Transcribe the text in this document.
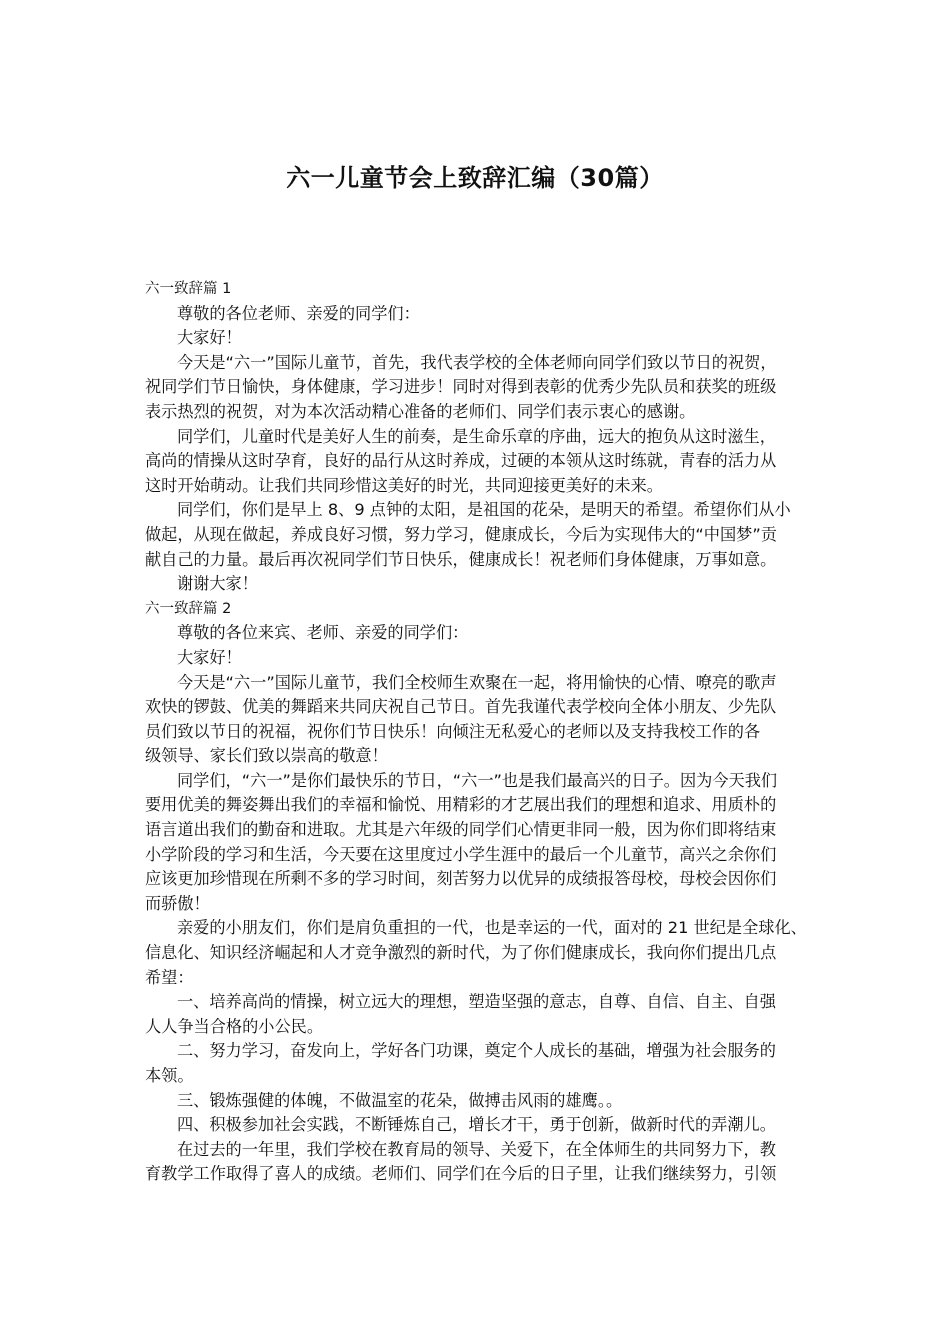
六一儿童节会上致辞汇编（30篇）
六一致辞篇 1
尊敬的各位老师、亲爱的同学们：
大家好！
今天是“六一”国际儿童节，首先，我代表学校的全体老师向同学们致以节日的祝贺，
祝同学们节日愉快，身体健康，学习进步！同时对得到表彰的优秀少先队员和获奖的班级
表示热烈的祝贺，对为本次活动精心准备的老师们、同学们表示衷心的感谢。
同学们，儿童时代是美好人生的前奏，是生命乐章的序曲，远大的抱负从这时滋生，
高尚的情操从这时孕育，良好的品行从这时养成，过硬的本领从这时练就，青春的活力从
这时开始萌动。让我们共同珍惜这美好的时光，共同迎接更美好的未来。
同学们，你们是早上 8、9 点钟的太阳，是祖国的花朵，是明天的希望。希望你们从小
做起，从现在做起，养成良好习惯，努力学习，健康成长，今后为实现伟大的“中国梦”贡
献自己的力量。最后再次祝同学们节日快乐，健康成长！祝老师们身体健康，万事如意。
谢谢大家！
六一致辞篇 2
尊敬的各位来宾、老师、亲爱的同学们：
大家好！
今天是“六一”国际儿童节，我们全校师生欢聚在一起，将用愉快的心情、嘹亮的歌声
欢快的锣鼓、优美的舞蹈来共同庆祝自己节日。首先我谨代表学校向全体小朋友、少先队
员们致以节日的祝福，祝你们节日快乐！向倾注无私爱心的老师以及支持我校工作的各
级领导、家长们致以崇高的敬意！
同学们，“六一”是你们最快乐的节日，“六一”也是我们最高兴的日子。因为今天我们
要用优美的舞姿舞出我们的幸福和愉悦、用精彩的才艺展出我们的理想和追求、用质朴的
语言道出我们的勤奋和进取。尤其是六年级的同学们心情更非同一般，因为你们即将结束
小学阶段的学习和生活，今天要在这里度过小学生涯中的最后一个儿童节，高兴之余你们
应该更加珍惜现在所剩不多的学习时间，刻苦努力以优异的成绩报答母校，母校会因你们
而骄傲！
亲爱的小朋友们，你们是肩负重担的一代，也是幸运的一代，面对的 21 世纪是全球化、
信息化、知识经济崛起和人才竞争激烈的新时代，为了你们健康成长，我向你们提出几点
希望：
一、培养高尚的情操，树立远大的理想，塑造坚强的意志，自尊、自信、自主、自强
人人争当合格的小公民。
二、努力学习，奋发向上，学好各门功课，奠定个人成长的基础，增强为社会服务的
本领。
三、锻炼强健的体魄，不做温室的花朵，做搏击风雨的雄鹰。。
四、积极参加社会实践，不断锤炼自己，增长才干，勇于创新，做新时代的弄潮儿。
在过去的一年里，我们学校在教育局的领导、关爱下，在全体师生的共同努力下，教
育教学工作取得了喜人的成绩。老师们、同学们在今后的日子里，让我们继续努力，引领
